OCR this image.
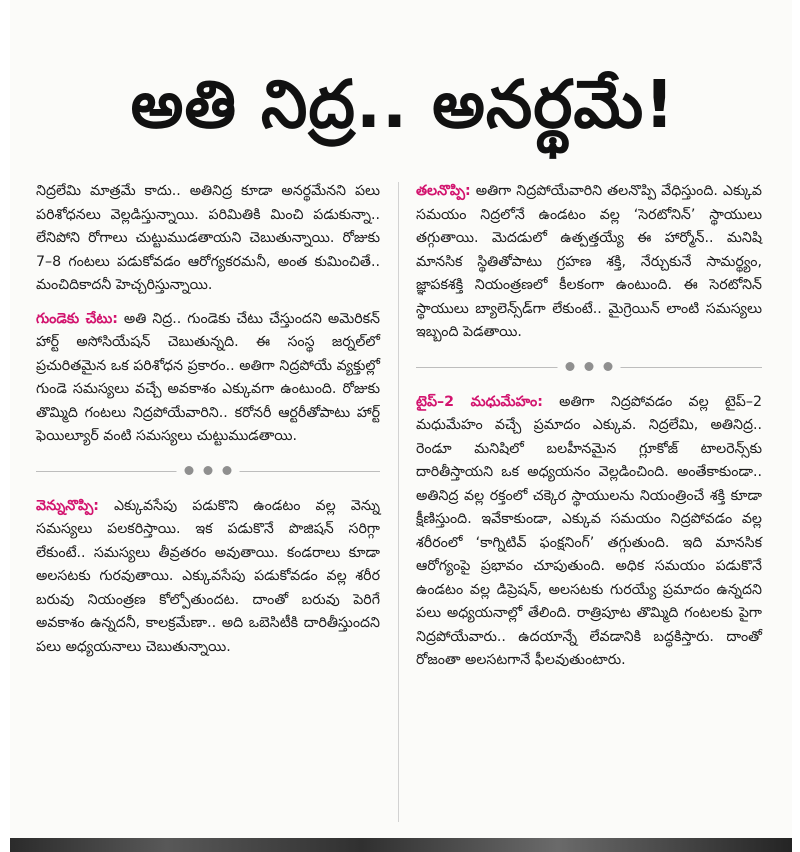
అతి నిద్ర.. అనర్థమే!

నిద్రలేమి మాత్రమే కాదు.. అతినిద్ర కూడా అనర్థమేనని పలు పరిశోధనలు వెల్లడిస్తున్నాయి. పరిమితికి మించి పడుకున్నా.. లేనిపోని రోగాలు చుట్టుముడతాయని చెబుతున్నాయి. రోజుకు 7–8 గంటలు పడుకోవడం ఆరోగ్యకరమనీ, అంత కుమించితే.. మంచిదికాదనీ హెచ్చరిస్తున్నాయి.

గుండెకు చేటు: అతి నిద్ర.. గుండెకు చేటు చేస్తుందని అమెరికన్ హార్ట్ అసోసియేషన్ చెబుతున్నది. ఈ సంస్థ జర్నల్‌లో ప్రచురితమైన ఒక పరిశోధన ప్రకారం.. అతిగా నిద్రపోయే వ్యక్తుల్లో గుండె సమస్యలు వచ్చే అవకాశం ఎక్కువగా ఉంటుంది. రోజుకు తొమ్మిది గంటలు నిద్రపోయేవారిని.. కరోనరీ ఆర్టరీతోపాటు హార్ట్ ఫెయిల్యూర్ వంటి సమస్యలు చుట్టుముడతాయి.

వెన్నునొప్పి: ఎక్కువసేపు పడుకొని ఉండటం వల్ల వెన్ను సమస్యలు పలకరిస్తాయి. ఇక పడుకొనే పొజిషన్ సరిగ్గా లేకుంటే.. సమస్యలు తీవ్రతరం అవుతాయి. కండరాలు కూడా అలసటకు గురవుతాయి. ఎక్కువసేపు పడుకోవడం వల్ల శరీర బరువు నియంత్రణ కోల్పోతుందట. దాంతో బరువు పెరిగే అవకాశం ఉన్నదనీ, కాలక్రమేణా.. అది ఒబెసిటీకి దారితీస్తుందని పలు అధ్యయనాలు చెబుతున్నాయి.

తలనొప్పి: అతిగా నిద్రపోయేవారిని తలనొప్పి వేధిస్తుంది. ఎక్కువ సమయం నిద్రలోనే ఉండటం వల్ల ‘సెరటోనిన్’ స్థాయులు తగ్గుతాయి. మెదడులో ఉత్పత్తయ్యే ఈ హార్మోన్.. మనిషి మానసిక స్థితితోపాటు గ్రహణ శక్తి, నేర్చుకునే సామర్థ్యం, జ్ఞాపకశక్తి నియంత్రణలో కీలకంగా ఉంటుంది. ఈ సెరటోనిన్ స్థాయులు బ్యాలెన్స్‌డ్‌గా లేకుంటే.. మైగ్రెయిన్ లాంటి సమస్యలు ఇబ్బంది పెడతాయి.

టైప్‌–2 మధుమేహం: అతిగా నిద్రపోవడం వల్ల టైప్‌–2 మధుమేహం వచ్చే ప్రమాదం ఎక్కువ. నిద్రలేమి, అతినిద్ర.. రెండూ మనిషిలో బలహీనమైన గ్లూకోజ్ టాలరెన్స్‌కు దారితీస్తాయని ఒక అధ్యయనం వెల్లడించింది. అంతేకాకుండా.. అతినిద్ర వల్ల రక్తంలో చక్కెర స్థాయులను నియంత్రించే శక్తి కూడా క్షీణిస్తుంది. ఇవేకాకుండా, ఎక్కువ సమయం నిద్రపోవడం వల్ల శరీరంలో ‘కాగ్నిటివ్ ఫంక్షనింగ్’ తగ్గుతుంది. ఇది మానసిక ఆరోగ్యంపై ప్రభావం చూపుతుంది. అధిక సమయం పడుకొనే ఉండటం వల్ల డిప్రెషన్, అలసటకు గురయ్యే ప్రమాదం ఉన్నదని పలు అధ్యయనాల్లో తేలింది. రాత్రిపూట తొమ్మిది గంటలకు పైగా నిద్రపోయేవారు.. ఉదయాన్నే లేవడానికి బద్ధకిస్తారు. దాంతో రోజంతా అలసటగానే ఫీలవుతుంటారు.
